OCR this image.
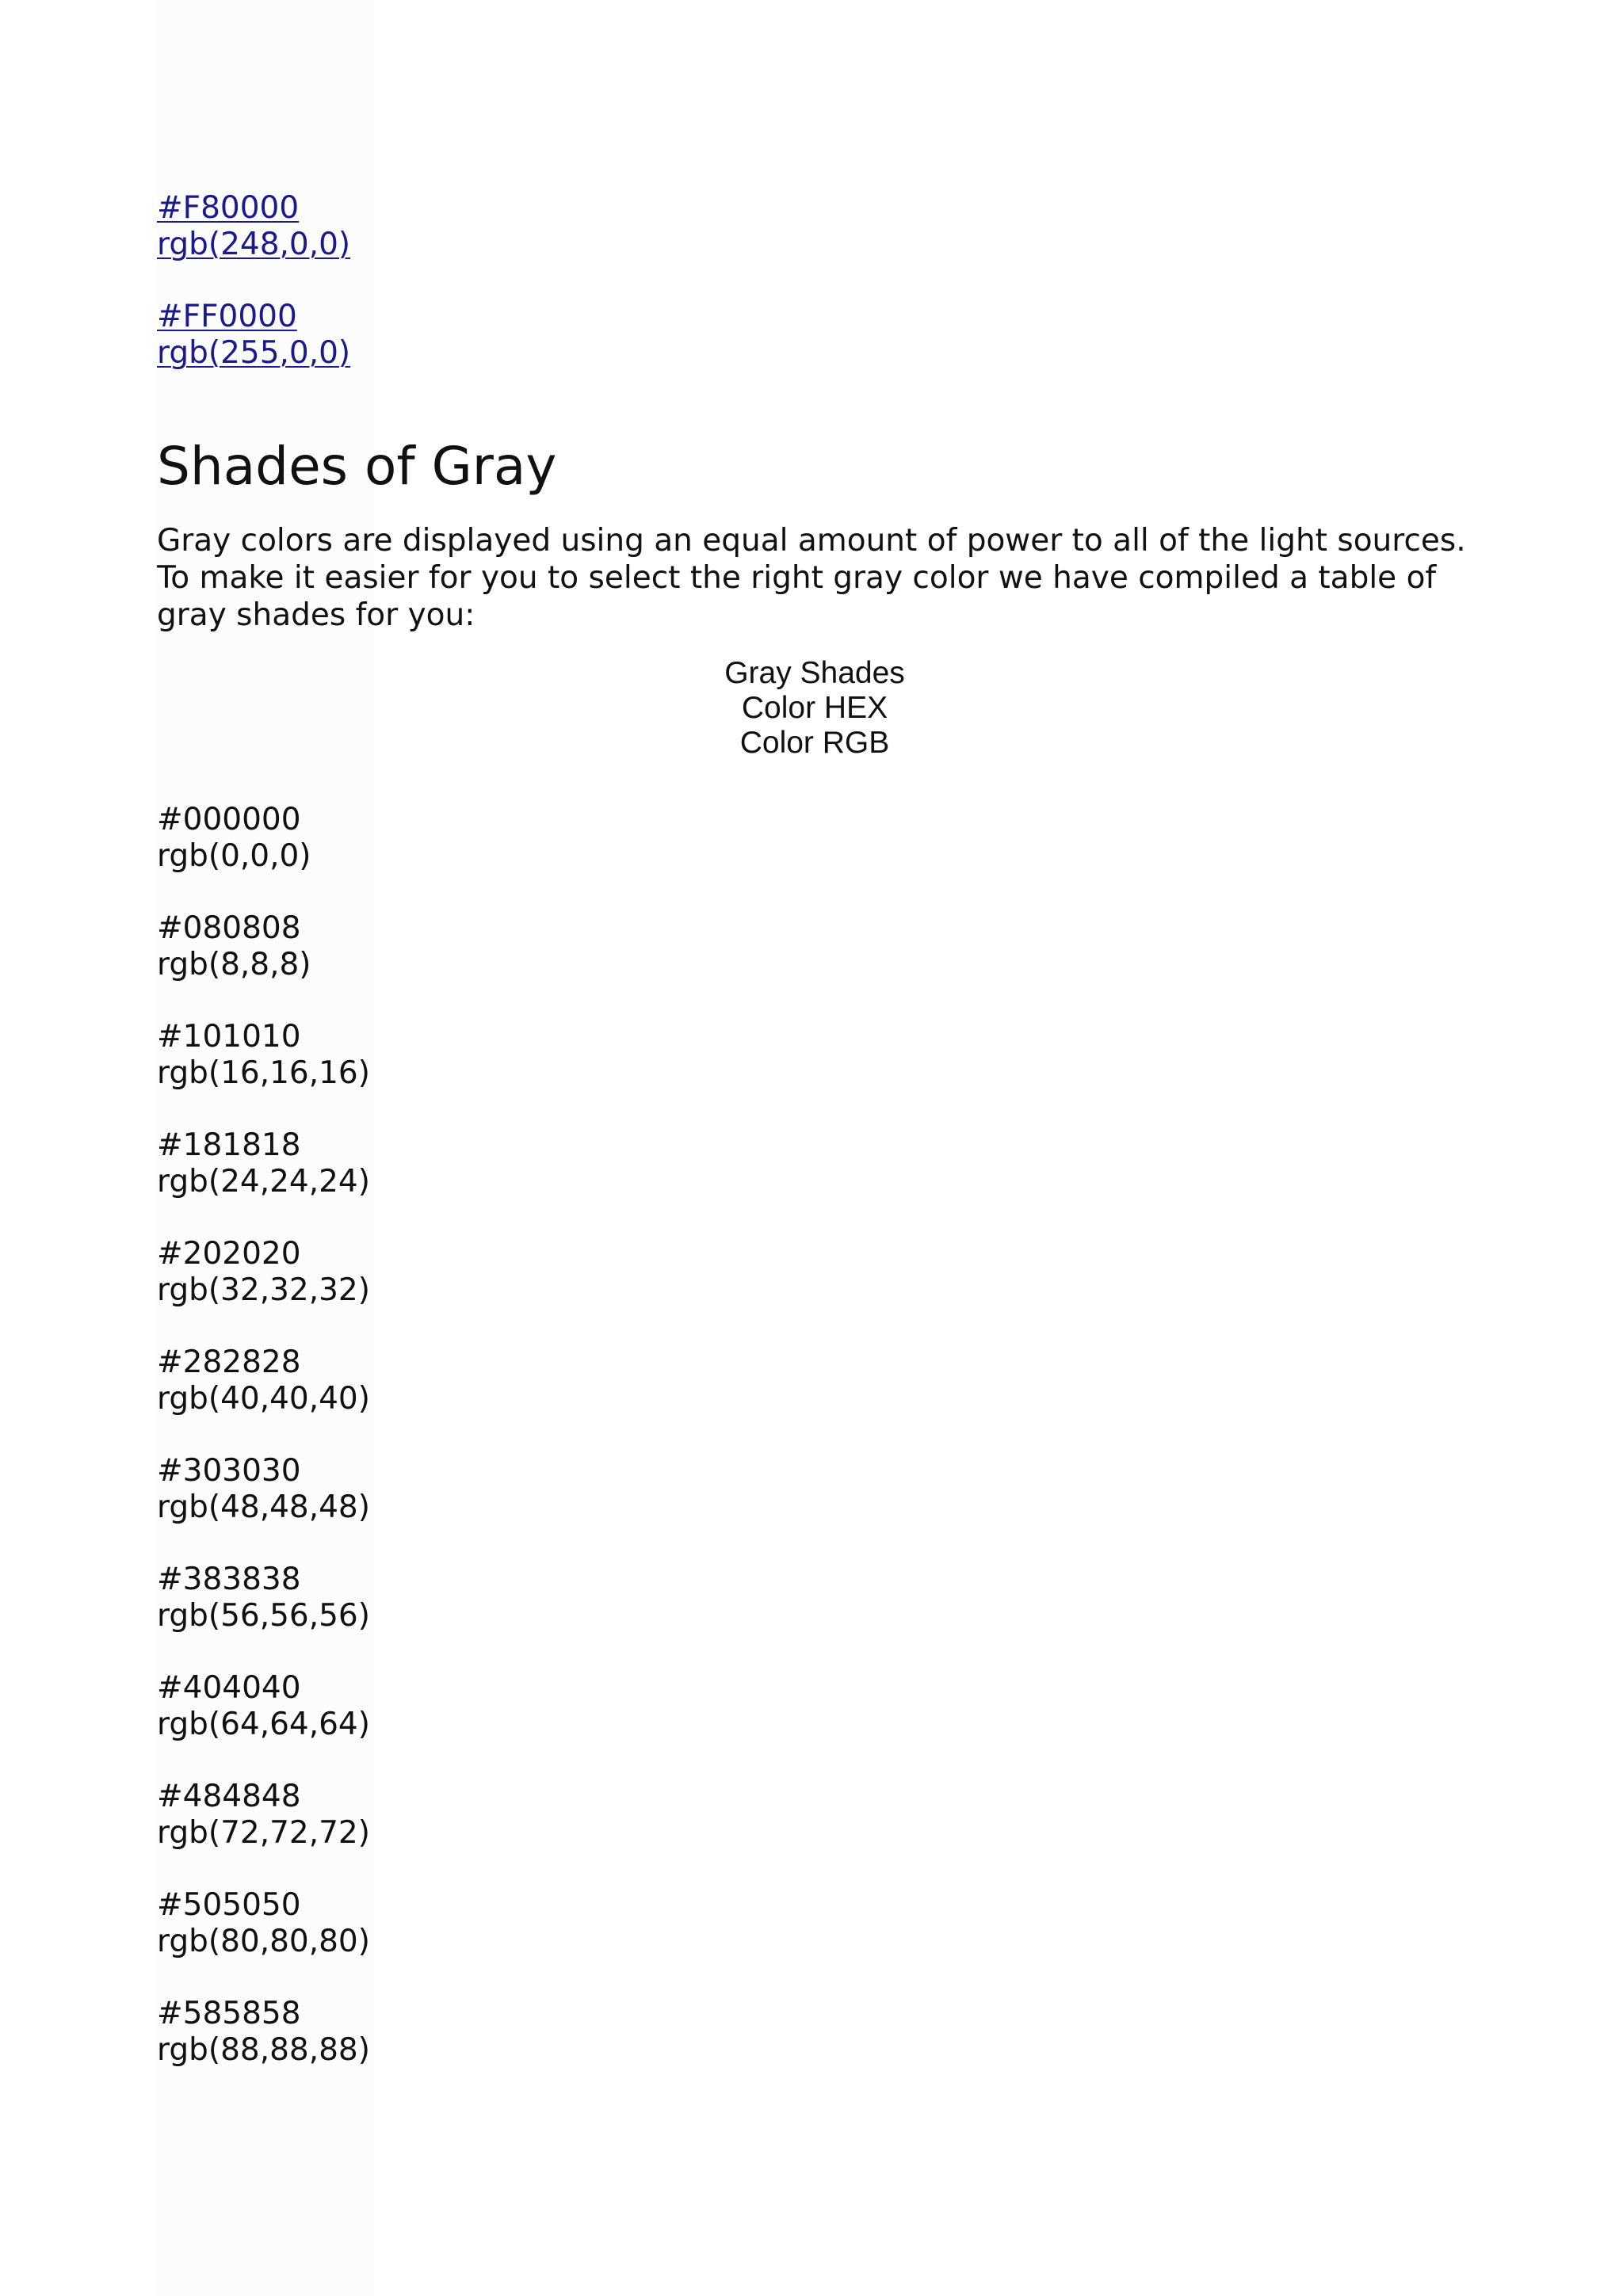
#F80000
rgb(248,0,0)
#FF0000
rgb(255,0,0)
Shades of Gray

Gray colors are displayed using an equal amount of power to all of the light sources. To make it easier for you to select the right gray color we have compiled a table of gray shades for you:

Gray Shades
Color HEX
Color RGB
#000000
rgb(0,0,0)
#080808
rgb(8,8,8)
#101010
rgb(16,16,16)
#181818
rgb(24,24,24)
#202020
rgb(32,32,32)
#282828
rgb(40,40,40)
#303030
rgb(48,48,48)
#383838
rgb(56,56,56)
#404040
rgb(64,64,64)
#484848
rgb(72,72,72)
#505050
rgb(80,80,80)
#585858
rgb(88,88,88)
